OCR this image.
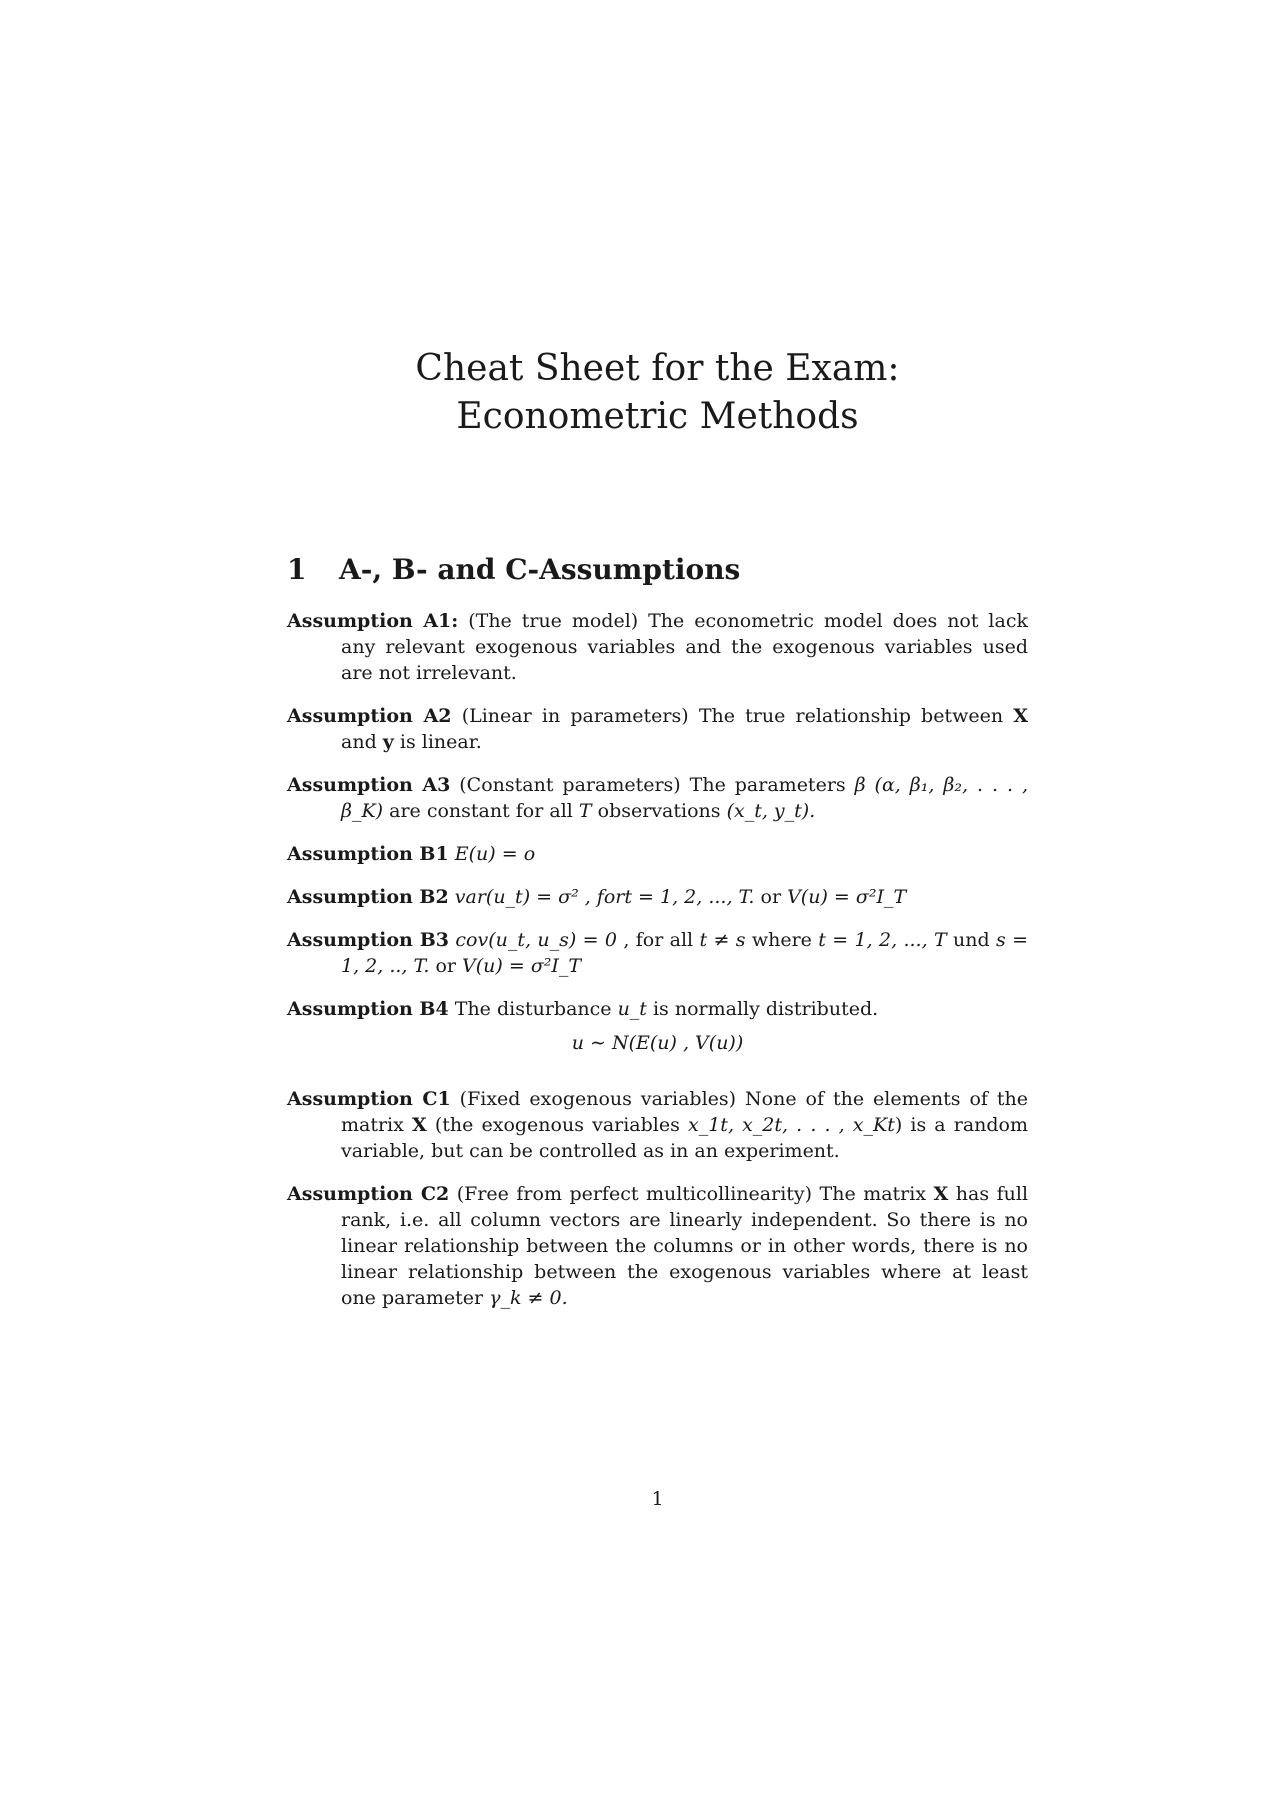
Cheat Sheet for the Exam:
Econometric Methods
1 A-, B- and C-Assumptions
Assumption A1: (The true model) The econometric model does not lack any relevant exogenous variables and the exogenous variables used are not irrelevant.
Assumption A2 (Linear in parameters) The true relationship between X and y is linear.
Assumption A3 (Constant parameters) The parameters β (α, β₁, β₂, . . . , β_K) are constant for all T observations (x_t, y_t).
Assumption B1 E(u) = o
Assumption B2 var(u_t) = σ² , fort = 1, 2, ..., T. or V(u) = σ²I_T
Assumption B3 cov(u_t, u_s) = 0 , for all t ≠ s where t = 1, 2, ..., T und s = 1, 2, .., T. or V(u) = σ²I_T
Assumption B4 The disturbance u_t is normally distributed.
u ∼ N(E(u) , V(u))
Assumption C1 (Fixed exogenous variables) None of the elements of the matrix X (the exogenous variables x_1t, x_2t, . . . , x_Kt) is a random variable, but can be controlled as in an experiment.
Assumption C2 (Free from perfect multicollinearity) The matrix X has full rank, i.e. all column vectors are linearly independent. So there is no linear relationship between the columns or in other words, there is no linear relationship between the exogenous variables where at least one parameter γ_k ≠ 0.
1
